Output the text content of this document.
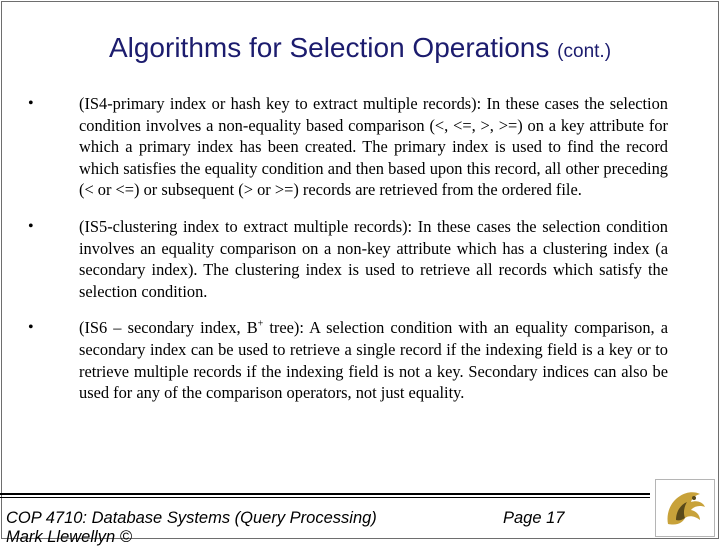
Algorithms for Selection Operations (cont.)
•	(IS4-primary index or hash key to extract multiple records): In these cases the selection condition involves a non-equality based comparison (<, <=, >, >=) on a key attribute for which a primary index has been created. The primary index is used to find the record which satisfies the equality condition and then based upon this record, all other preceding (< or <=) or subsequent (> or >=) records are retrieved from the ordered file.
•	(IS5-clustering index to extract multiple records): In these cases the selection condition involves an equality comparison on a non-key attribute which has a clustering index (a secondary index). The clustering index is used to retrieve all records which satisfy the selection condition.
•	(IS6 – secondary index, B+ tree): A selection condition with an equality comparison, a secondary index can be used to retrieve a single record if the indexing field is a key or to retrieve multiple records if the indexing field is not a key. Secondary indices can also be used for any of the comparison operators, not just equality.
COP 4710: Database Systems (Query Processing)	Page 17
Mark Llewellyn ©
